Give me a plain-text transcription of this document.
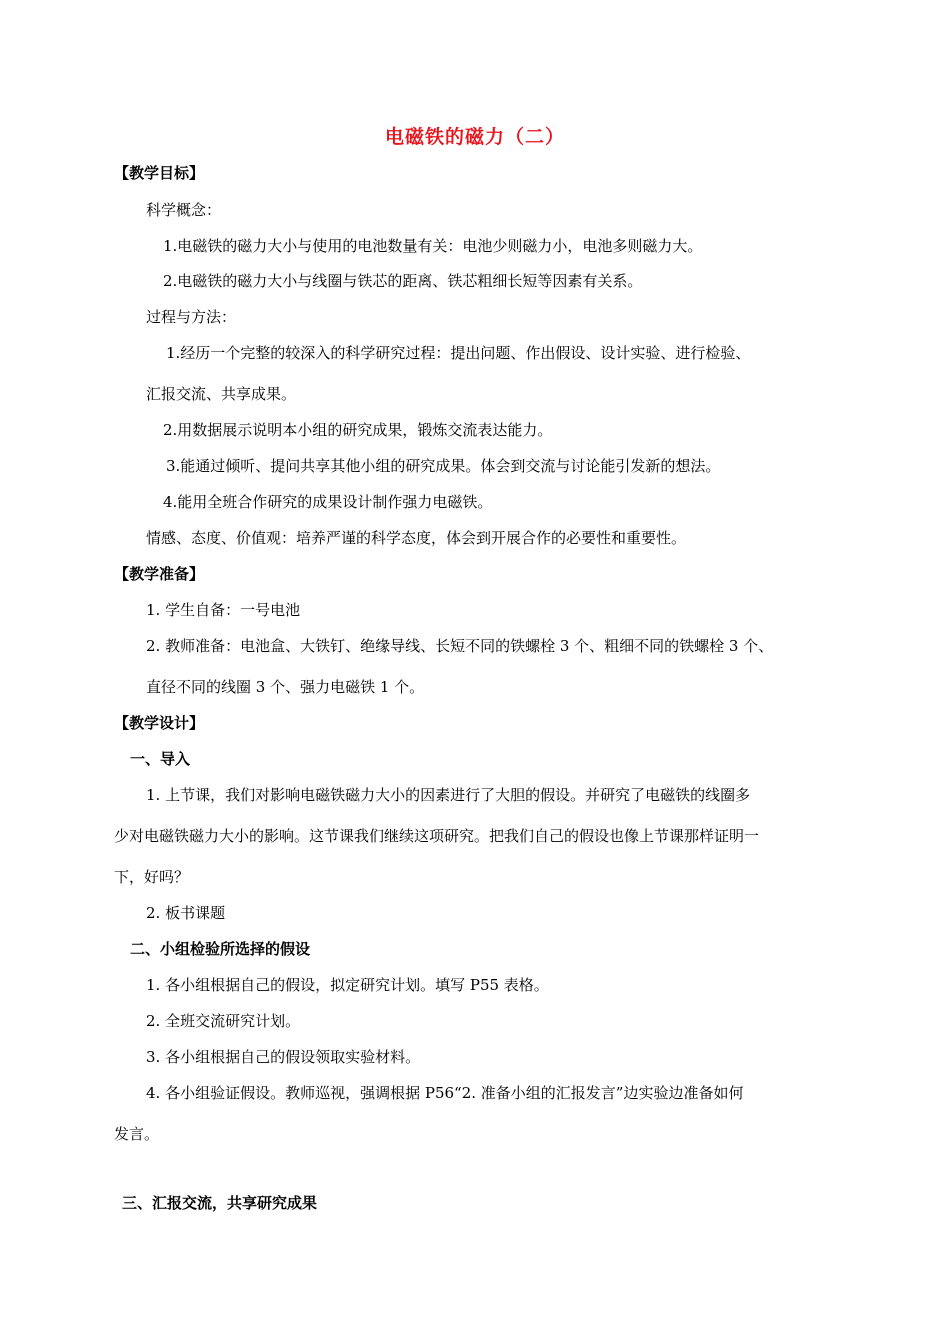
电磁铁的磁力（二）
【教学目标】
科学概念：
1.电磁铁的磁力大小与使用的电池数量有关：电池少则磁力小，电池多则磁力大。
2.电磁铁的磁力大小与线圈与铁芯的距离、铁芯粗细长短等因素有关系。
过程与方法：
1.经历一个完整的较深入的科学研究过程：提出问题、作出假设、设计实验、进行检验、
汇报交流、共享成果。
2.用数据展示说明本小组的研究成果，锻炼交流表达能力。
3.能通过倾听、提问共享其他小组的研究成果。体会到交流与讨论能引发新的想法。
4.能用全班合作研究的成果设计制作强力电磁铁。
情感、态度、价值观：培养严谨的科学态度，体会到开展合作的必要性和重要性。
【教学准备】
1. 学生自备：一号电池
2. 教师准备：电池盒、大铁钉、绝缘导线、长短不同的铁螺栓 3 个、粗细不同的铁螺栓 3 个、
直径不同的线圈 3 个、强力电磁铁 1 个。
【教学设计】
一、导入
1. 上节课，我们对影响电磁铁磁力大小的因素进行了大胆的假设。并研究了电磁铁的线圈多
少对电磁铁磁力大小的影响。这节课我们继续这项研究。把我们自己的假设也像上节课那样证明一
下，好吗？
2. 板书课题
二、小组检验所选择的假设
1. 各小组根据自己的假设，拟定研究计划。填写 P55 表格。
2. 全班交流研究计划。
3. 各小组根据自己的假设领取实验材料。
4. 各小组验证假设。教师巡视，强调根据 P56“2. 准备小组的汇报发言”边实验边准备如何
发言。
三、汇报交流，共享研究成果
